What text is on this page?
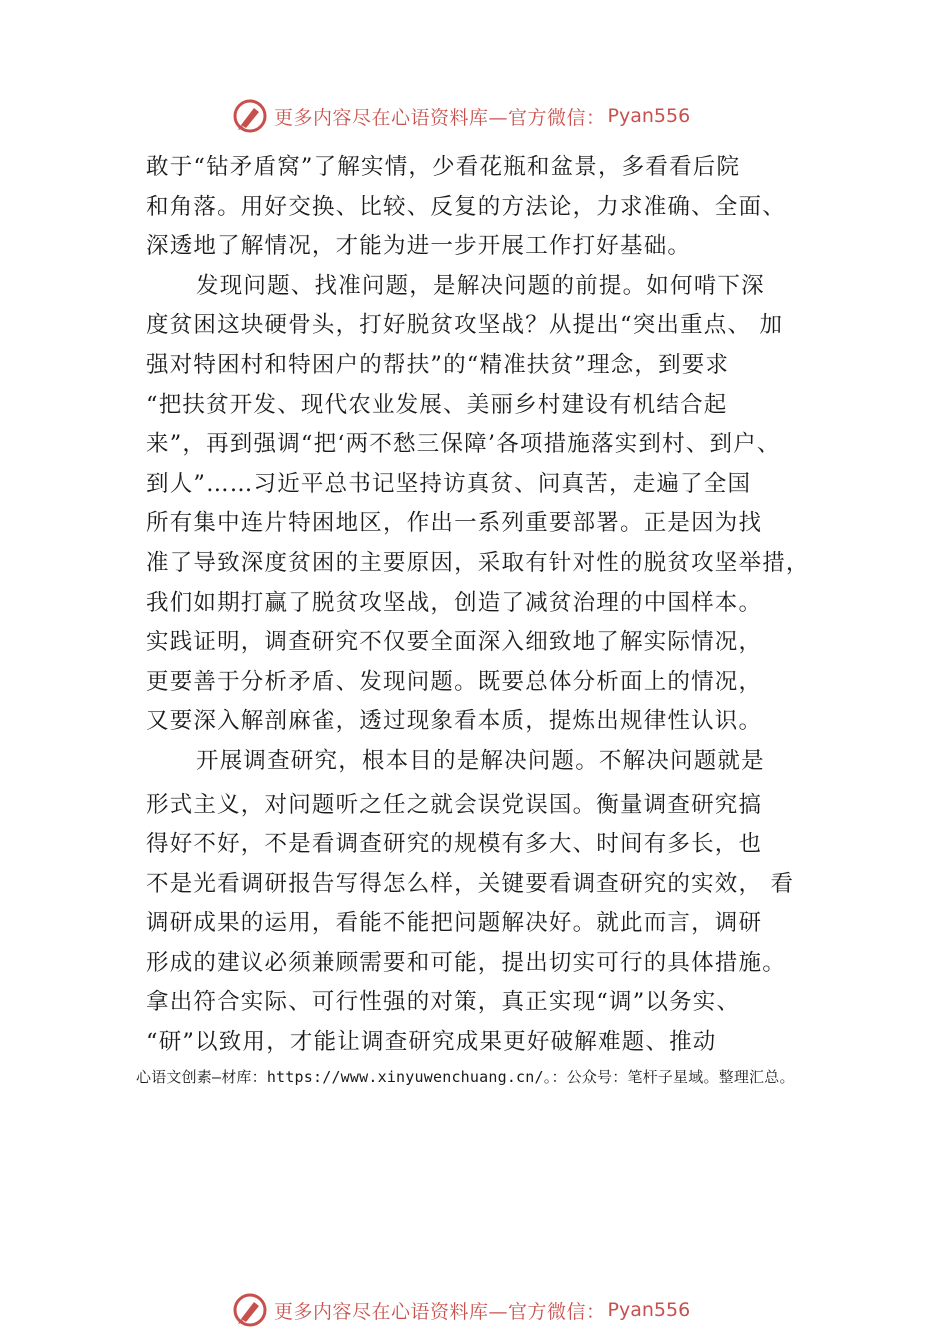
更多内容尽在心语资料库—官方微信： Pyan556
敢于“钻矛盾窝”了解实情，少看花瓶和盆景，多看看后院
和角落。用好交换、比较、反复的方法论，力求准确、全面、
深透地了解情况，才能为进一步开展工作打好基础。
发现问题、找准问题，是解决问题的前提。如何啃下深
度贫困这块硬骨头，打好脱贫攻坚战？从提出“突出重点、 加
强对特困村和特困户的帮扶”的“精准扶贫”理念，到要求
“把扶贫开发、现代农业发展、美丽乡村建设有机结合起
来”，再到强调“把‘两不愁三保障’各项措施落实到村、到户、
到人”……习近平总书记坚持访真贫、问真苦，走遍了全国
所有集中连片特困地区，作出一系列重要部署。正是因为找
准了导致深度贫困的主要原因，采取有针对性的脱贫攻坚举措，
我们如期打赢了脱贫攻坚战，创造了减贫治理的中国样本。
实践证明，调查研究不仅要全面深入细致地了解实际情况，
更要善于分析矛盾、发现问题。既要总体分析面上的情况，
又要深入解剖麻雀，透过现象看本质，提炼出规律性认识。
开展调查研究，根本目的是解决问题。不解决问题就是
形式主义，对问题听之任之就会误党误国。衡量调查研究搞
得好不好，不是看调查研究的规模有多大、时间有多长，也
不是光看调研报告写得怎么样，关键要看调查研究的实效， 看
调研成果的运用，看能不能把问题解决好。就此而言，调研
形成的建议必须兼顾需要和可能，提出切实可行的具体措施。
拿出符合实际、可行性强的对策，真正实现“调”以务实、
“研”以致用，才能让调查研究成果更好破解难题、推动
心语文创素—材库：https://www.xinyuwenchuang.cn/。：公众号：笔杆子星域。整理汇总。
更多内容尽在心语资料库—官方微信： Pyan556
